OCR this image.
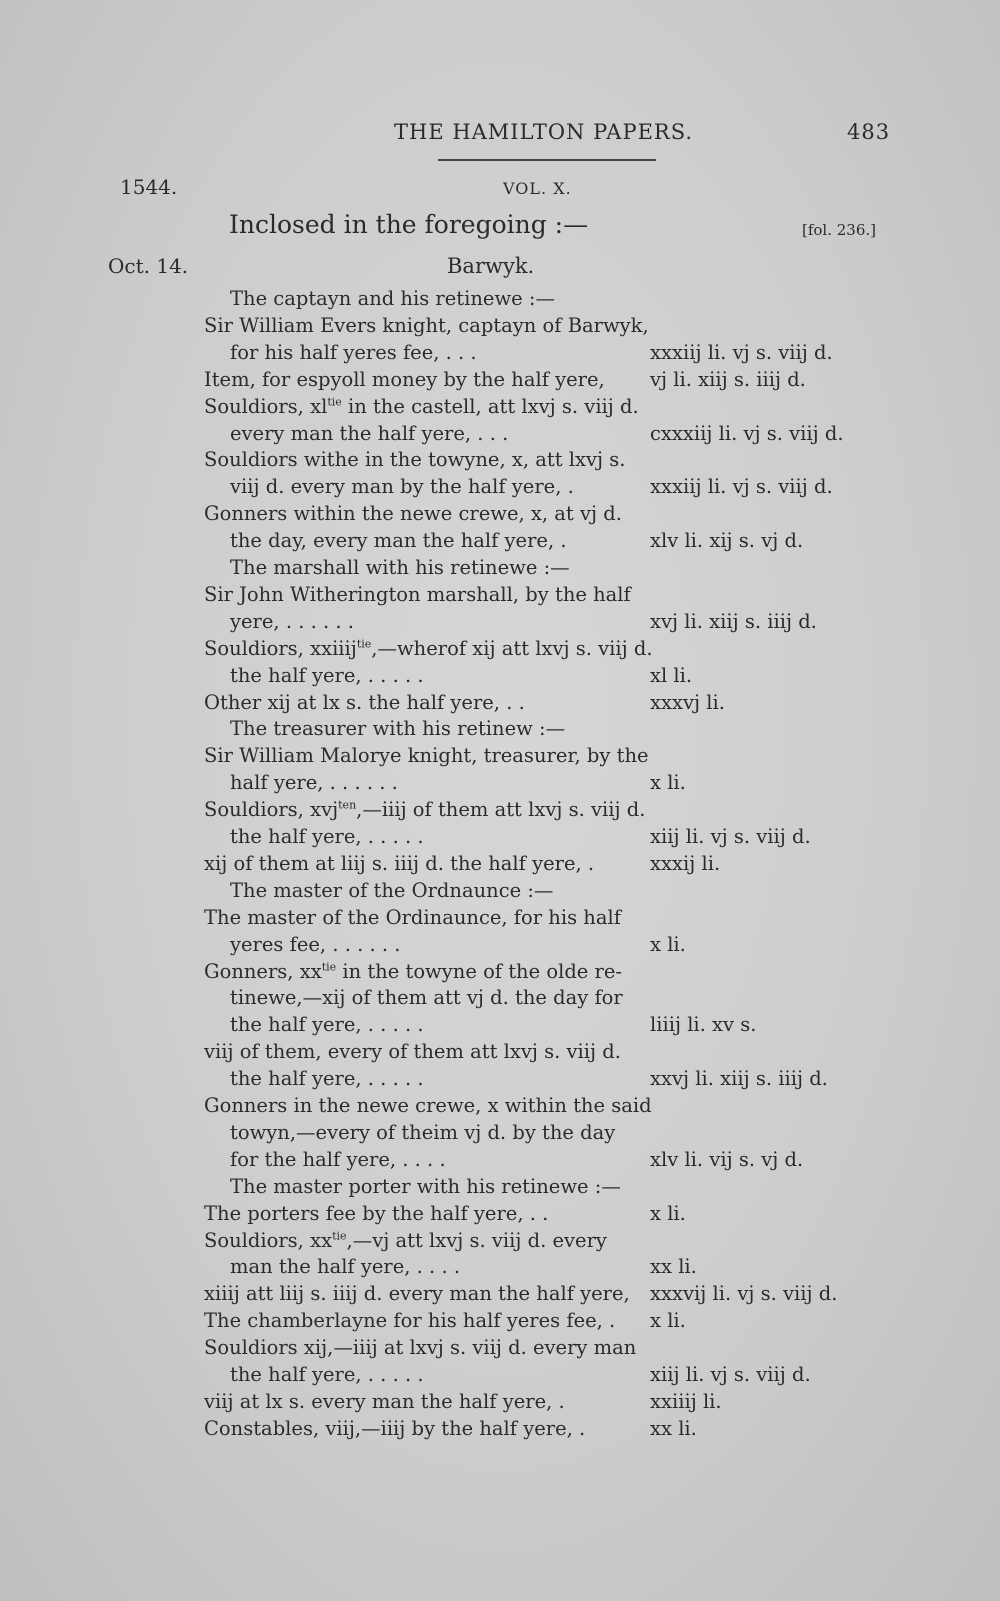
THE HAMILTON PAPERS.	483
1544.	VOL. X.
Inclosed in the foregoing :—	[fol. 236.]
Oct. 14.	Barwyk.
The captayn and his retinewe :—
Sir William Evers knight, captayn of Barwyk,
for his half yeres fee, . . .	xxxiij li. vj s. viij d.
Item, for espyoll money by the half yere, vj li. xiij s. iiij d.
Souldiors, $xl^{tie}$ in the castell, att lxvj s. viij d.
every man the half yere, . . .	cxxxiij li. vj s. viij d.
Souldiors withe in the towyne, x, att lxvj s.
viij d. every man by the half yere, .	xxxiij li. vj s. viij d.
Gonners within the newe crewe, x, at vj d.
the day, every man the half yere, .	xlv li. xij s. vj d.
The marshall with his retinewe :—
Sir John Witherington marshall, by the half
yere, . . . . . .	xvj li. xiij s. iiij d.
Souldiors, xxiiij$^{tie}$,—wherof xij att lxvj s. viij d.
the half yere, . . . . .	xl li.
Other xij at lx s. the half yere, . .	xxxvj li.
The treasurer with his retinew :—
Sir William Malorye knight, treasurer, by the
half yere, . . . . . .	x li.
Souldiors, xvj$^{ten}$,—iiij of them att lxvj s. viij d.
the half yere, . . . . .	xiij li. vj s. viij d.
xij of them at liij s. iiij d. the half yere, .	xxxij li.
The master of the Ordnaunce :—
The master of the Ordinaunce, for his half
yeres fee, . . . . . .	x li.
Gonners, $xx^{tie}$ in the towyne of the olde re-
tinewe,—xij of them att vj d. the day for
the half yere, . . . . .	liiij li. xv s.
viij of them, every of them att lxvj s. viij d.
the half yere, . . . . .	xxvj li. xiij s. iiij d.
Gonners in the newe crewe, x within the said
towyn,—every of theim vj d. by the day
for the half yere, . . . .	xlv li. vij s. vj d.
The master porter with his retinewe :—
The porters fee by the half yere, . .	x li.
Souldiors, $xx^{tie},—vj$ att lxvj s. viij d. every
man the half yere, . . . .	xx li.
xiiij att liij s. iiij d. every man the half yere, xxxvij li. vj s. viij d.
The chamberlayne for his half yeres fee, . x li.
Souldiors xij,—iiij at lxvj s. viij d. every man
the half yere, . . . . .	xiij li. vj s. viij d.
viij at lx s. every man the half yere, .	xxiiij li.
Constables, viij,—iiij by the half yere, .	xx li.
